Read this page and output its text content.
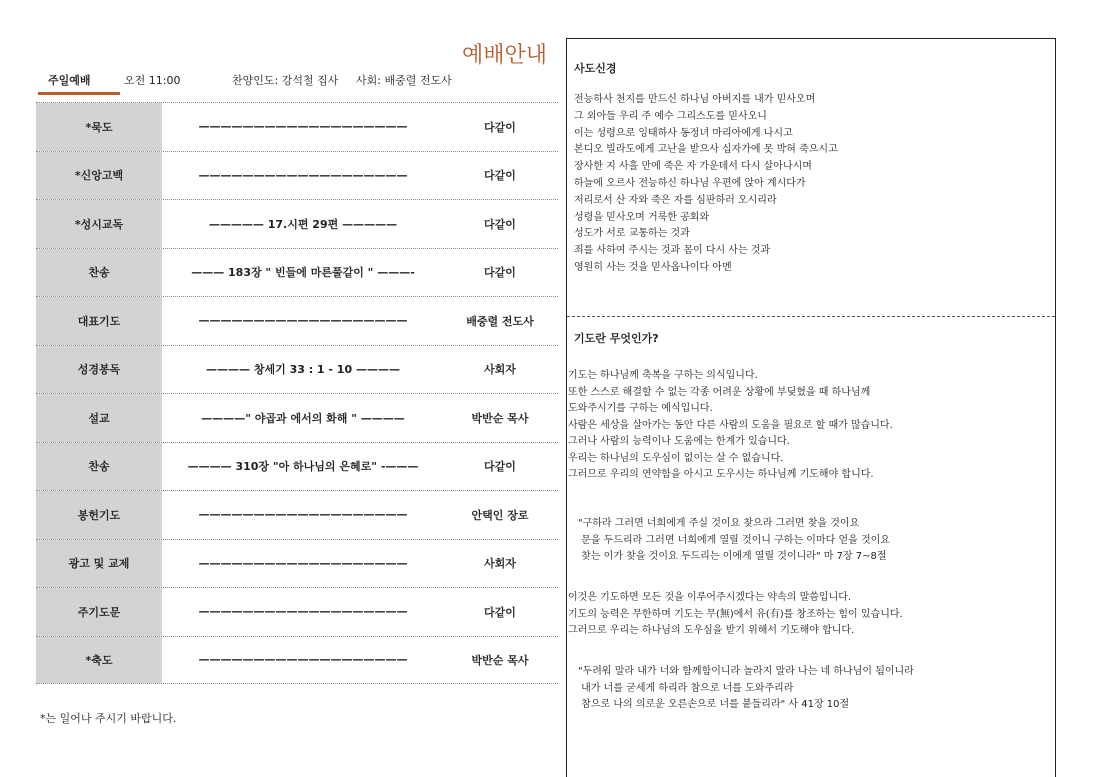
예배안내
주일예배	오전 11:00	찬양인도: 강석철 집사 사회: 배중렬 전도사
*묵도	———————————————————	다같이
*신앙고백	———————————————————	다같이
*성시교독	————— 17.시편 29편 —————	다같이
찬송	——— 183장 " 빈들에 마른풀같이 " ———-	다같이
대표기도	———————————————————	배중렬 전도사
성경봉독	———— 창세기 33 : 1 - 10 ————	사회자
설교	————" 야곱과 에서의 화해 " ————	박반순 목사
찬송	———— 310장 "아 하나님의 은혜로" -———	다같이
봉헌기도	———————————————————	안택인 장로
광고 및 교제	———————————————————	사회자
주기도문	———————————————————	다같이
*축도	———————————————————	박반순 목사
*는 일어나 주시기 바랍니다.
사도신경
전능하사 천지를 만드신 하나님 아버지를 내가 믿사오며
그 외아들 우리 주 예수 그리스도를 믿사오니
이는 성령으로 잉태하사 동정녀 마리아에게 나시고
본디오 빌라도에게 고난을 받으사 십자가에 못 박혀 죽으시고
장사한 지 사흘 만에 죽은 자 가운데서 다시 살아나시며
하늘에 오르사 전능하신 하나님 우편에 앉아 계시다가
저리로서 산 자와 죽은 자를 심판하러 오시리라
성령을 믿사오며 거룩한 공회와
성도가 서로 교통하는 것과
죄를 사하여 주시는 것과 몸이 다시 사는 것과
영원히 사는 것을 믿사옵나이다 아멘
기도란 무엇인가?
기도는 하나님께 축복을 구하는 의식입니다.
또한 스스로 해결할 수 없는 각종 어려운 상황에 부딪혔을 때 하나님께
도와주시기를 구하는 예식입니다.
사람은 세상을 살아가는 동안 다른 사람의 도움을 필요로 할 때가 많습니다.
그러나 사람의 능력이나 도움에는 한계가 있습니다.
우리는 하나님의 도우심이 없이는 살 수 없습니다.
그러므로 우리의 연약함을 아시고 도우시는 하나님께 기도해야 합니다.
"구하라 그러면 너희에게 주실 것이요 찾으라 그러면 찾을 것이요
문을 두드리라 그러면 너희에게 열릴 것이니 구하는 이마다 얻을 것이요
찾는 이가 찾을 것이요 두드리는 이에게 열릴 것이니라" 마 7장 7~8절
이것은 기도하면 모든 것을 이루어주시겠다는 약속의 말씀입니다.
기도의 능력은 무한하며 기도는 무(無)에서 유(有)를 창조하는 힘이 있습니다.
그러므로 우리는 하나님의 도우심을 받기 위해서 기도해야 합니다.
"두려워 말라 내가 너와 함께함이니라 놀라지 말라 나는 네 하나님이 됨이니라
내가 너를 굳세게 하리라 참으로 너를 도와주리라
참으로 나의 의로운 오른손으로 너를 붙들리라" 사 41장 10절
